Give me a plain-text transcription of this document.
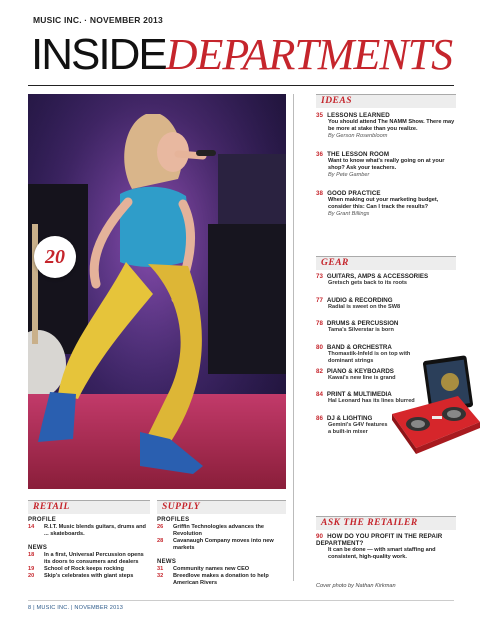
MUSIC INC. · NOVEMBER 2013
INSIDEDEPARTMENTS
20
IDEAS
35 LESSONS LEARNED
You should attend The NAMM Show. There may be more at stake than you realize.
By Gerson Rosenbloom
36 THE LESSON ROOM
Want to know what's really going on at your shop? Ask your teachers.
By Pete Gamber
38 GOOD PRACTICE
When making out your marketing budget, consider this: Can I track the results?
By Grant Billings
GEAR
73 GUITARS, AMPS & ACCESSORIES
Gretsch gets back to its roots
77 AUDIO & RECORDING
Radial is sweet on the SW8
78 DRUMS & PERCUSSION
Tama's Silverstar is born
80 BAND & ORCHESTRA
Thomastik-Infeld is on top with dominant strings
82 PIANO & KEYBOARDS
Kawai's new line is grand
84 PRINT & MULTIMEDIA
Hal Leonard has its lines blurred
86 DJ & LIGHTING
Gemini's G4V features a built-in mixer
RETAIL
PROFILE
14	R.I.T. Music blends guitars, drums and ... skateboards.
NEWS
18	In a first, Universal Percussion opens its doors to consumers and dealers
19	School of Rock keeps rocking
20	Skip's celebrates with giant steps
SUPPLY
PROFILES
26	Griffin Technologies advances the Revolution
28	Cavanaugh Company moves into new markets
NEWS
31	Community names new CEO
32	Breedlove makes a donation to help American Rivers
ASK THE RETAILER
90 HOW DO YOU PROFIT IN THE REPAIR DEPARTMENT?
It can be done — with smart staffing and consistent, high-quality work.
Cover photo by Nathan Kirkman
8 | MUSIC INC. | NOVEMBER 2013
